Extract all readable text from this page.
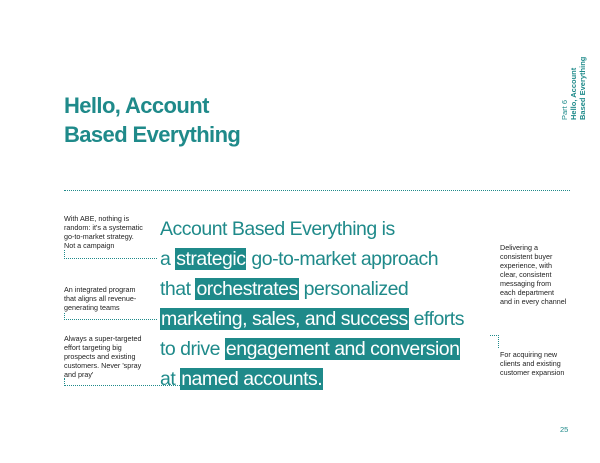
Hello, Account
Based Everything
Part 6 Hello, Account Based Everything
With ABE, nothing is
random: it's a systematic
go-to-market strategy.
Not a campaign
An integrated program
that aligns all revenue-
generating teams
Always a super-targeted
effort targeting big
prospects and existing
customers. Never 'spray
and pray'
Delivering a
consistent buyer
experience, with
clear, consistent
messaging from
each department
and in every channel
For acquiring new
clients and existing
customer expansion
Account Based Everything is
a strategic go-to-market approach
that orchestrates personalized
marketing, sales, and success efforts
to drive engagement and conversion
at named accounts.
25
